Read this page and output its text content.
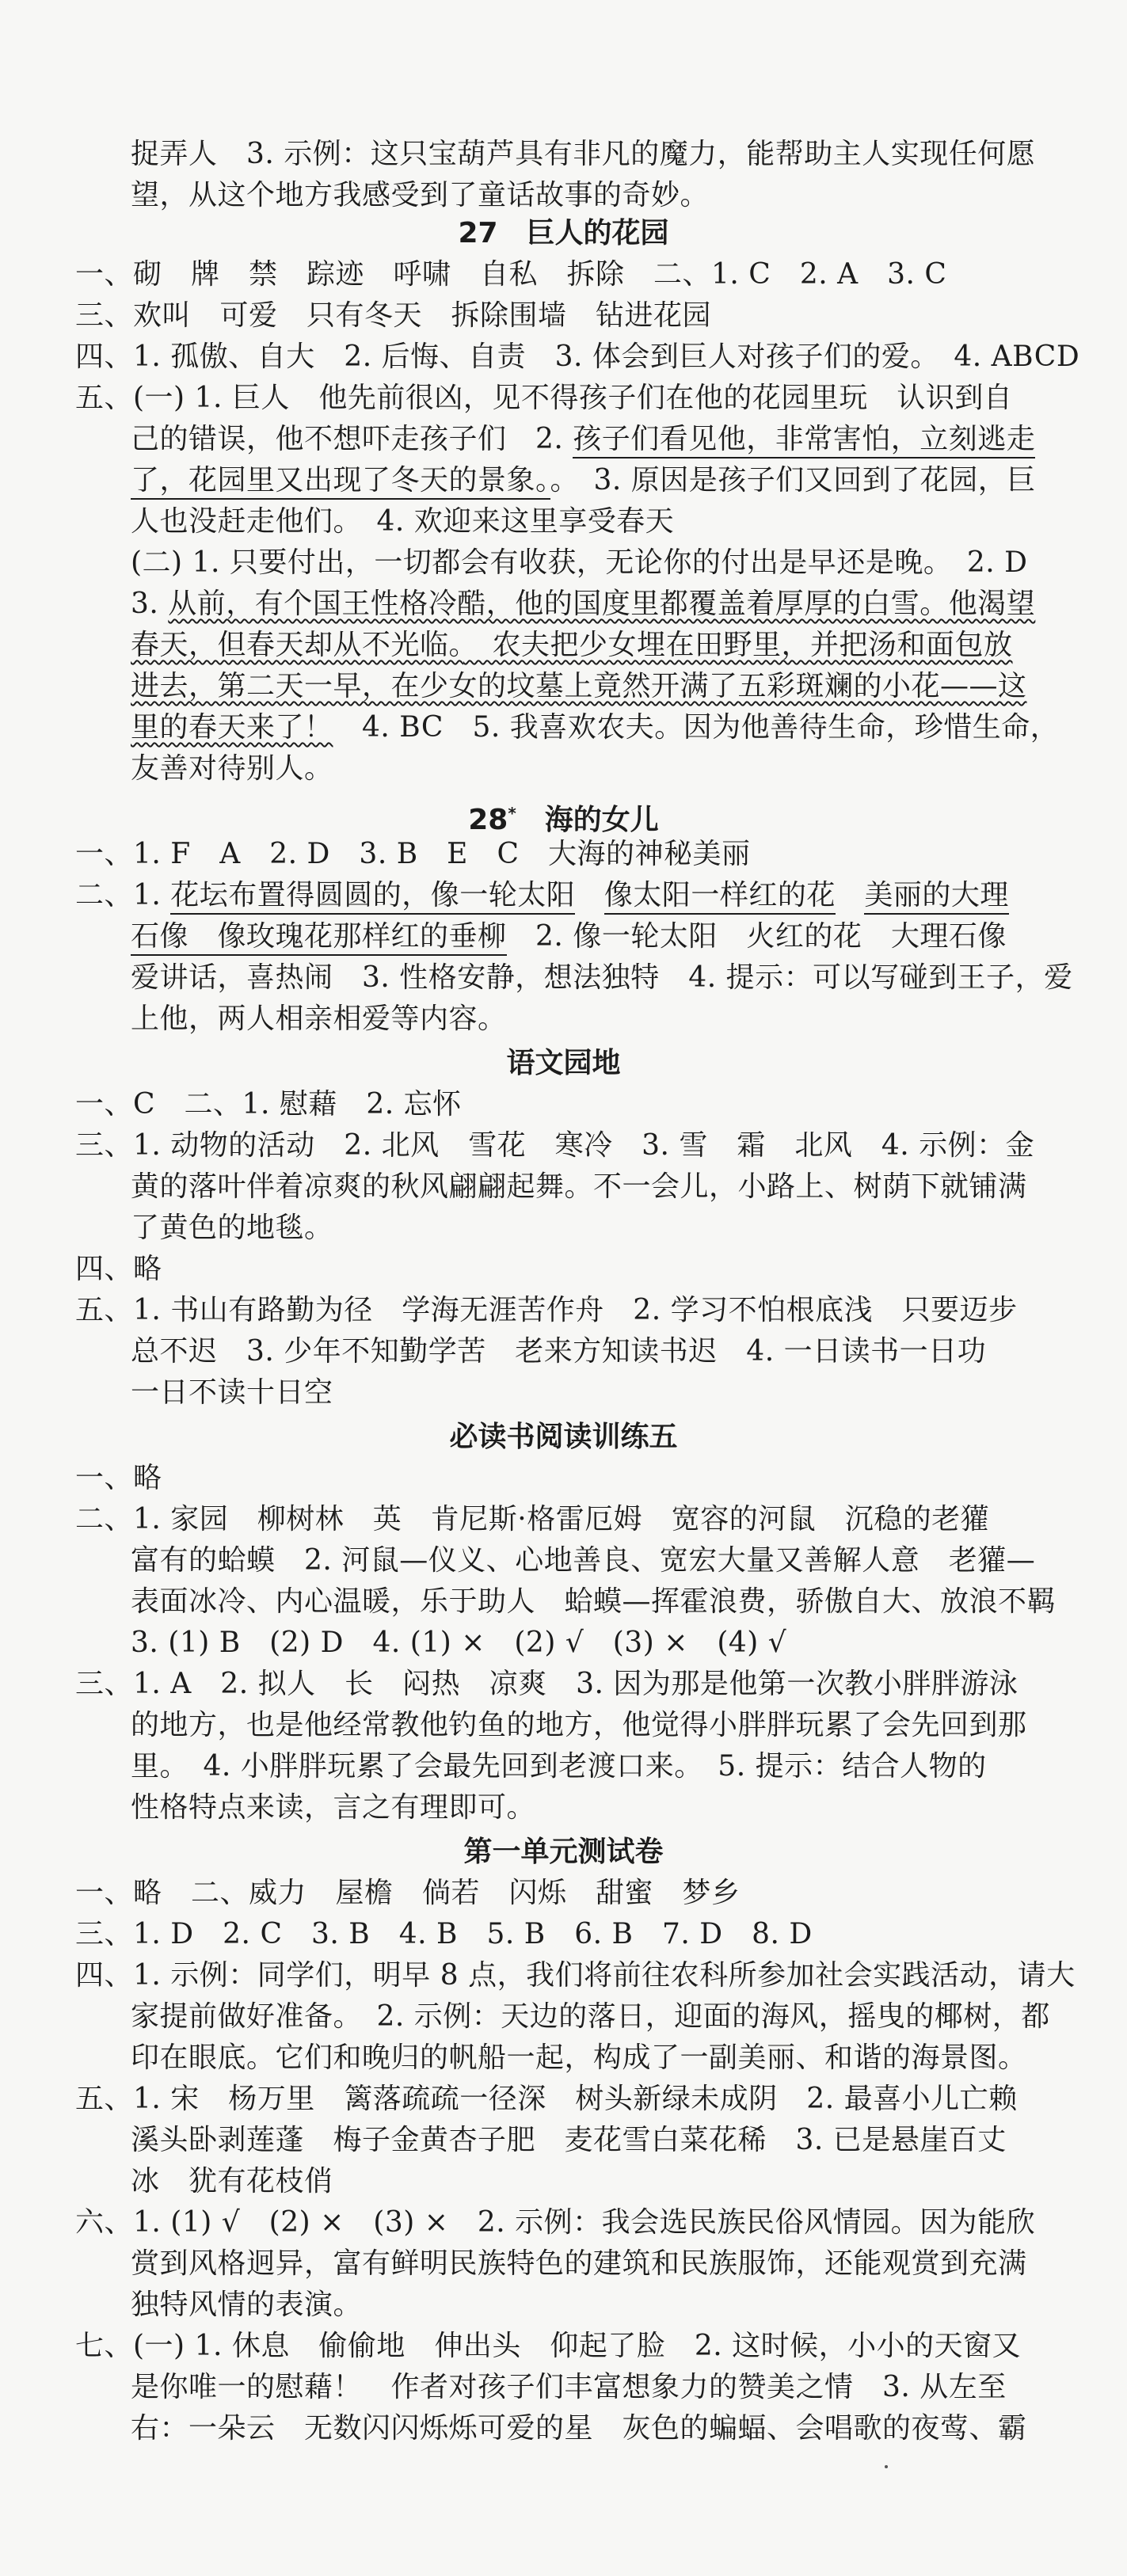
捉弄人　3. 示例：这只宝葫芦具有非凡的魔力，能帮助主人实现任何愿
望，从这个地方我感受到了童话故事的奇妙。
27　巨人的花园
一、砌　牌　禁　踪迹　呼啸　自私　拆除　二、1. C　2. A　3. C
三、欢叫　可爱　只有冬天　拆除围墙　钻进花园
四、1. 孤傲、自大　2. 后悔、自责　3. 体会到巨人对孩子们的爱。　4. ABCD
五、(一) 1. 巨人　他先前很凶，见不得孩子们在他的花园里玩　认识到自
己的错误，他不想吓走孩子们　2. 孩子们看见他，非常害怕，立刻逃走
了，花园里又出现了冬天的景象。。　3. 原因是孩子们又回到了花园，巨
人也没赶走他们。　4. 欢迎来这里享受春天
(二) 1. 只要付出，一切都会有收获，无论你的付出是早还是晚。　2. D
3. 从前，有个国王性格冷酷，他的国度里都覆盖着厚厚的白雪。他渴望
春天，但春天却从不光临。　农夫把少女埋在田野里，并把汤和面包放
进去，第二天一早，在少女的坟墓上竟然开满了五彩斑斓的小花——这
里的春天来了！　4. BC　5. 我喜欢农夫。因为他善待生命，珍惜生命，
友善对待别人。
28*　海的女儿
一、1. F　A　2. D　3. B　E　C　大海的神秘美丽
二、1. 花坛布置得圆圆的，像一轮太阳　 像太阳一样红的花　 美丽的大理
石像　像玫瑰花那样红的垂柳　2. 像一轮太阳　火红的花　大理石像
爱讲话，喜热闹　3. 性格安静，想法独特　4. 提示：可以写碰到王子，爱
上他，两人相亲相爱等内容。
语文园地
一、C　二、1. 慰藉　2. 忘怀
三、1. 动物的活动　2. 北风　雪花　寒冷　3. 雪　霜　北风　4. 示例：金
黄的落叶伴着凉爽的秋风翩翩起舞。不一会儿，小路上、树荫下就铺满
了黄色的地毯。
四、略
五、1. 书山有路勤为径　学海无涯苦作舟　2. 学习不怕根底浅　只要迈步
总不迟　3. 少年不知勤学苦　老来方知读书迟　4. 一日读书一日功
一日不读十日空
必读书阅读训练五
一、略
二、1. 家园　柳树林　英　肯尼斯·格雷厄姆　宽容的河鼠　沉稳的老獾
富有的蛤蟆　2. 河鼠—仪义、心地善良、宽宏大量又善解人意　老獾—
表面冰冷、内心温暖，乐于助人　蛤蟆—挥霍浪费，骄傲自大、放浪不羁
3. (1) B　(2) D　4. (1) ×　(2) √　(3) ×　(4) √
三、1. A　2. 拟人　长　闷热　凉爽　3. 因为那是他第一次教小胖胖游泳
的地方，也是他经常教他钓鱼的地方，他觉得小胖胖玩累了会先回到那
里。　4. 小胖胖玩累了会最先回到老渡口来。　5. 提示：结合人物的
性格特点来读，言之有理即可。
第一单元测试卷
一、略　二、威力　屋檐　倘若　闪烁　甜蜜　梦乡
三、1. D　2. C　3. B　4. B　5. B　6. B　7. D　8. D
四、1. 示例：同学们，明早 8 点，我们将前往农科所参加社会实践活动，请大
家提前做好准备。　2. 示例：天边的落日，迎面的海风，摇曳的椰树，都
印在眼底。它们和晚归的帆船一起，构成了一副美丽、和谐的海景图。
五、1. 宋　杨万里　篱落疏疏一径深　树头新绿未成阴　2. 最喜小儿亡赖
溪头卧剥莲蓬　梅子金黄杏子肥　麦花雪白菜花稀　3. 已是悬崖百丈
冰　犹有花枝俏
六、1. (1) √　(2) ×　(3) ×　2. 示例：我会选民族民俗风情园。因为能欣
赏到风格迥异，富有鲜明民族特色的建筑和民族服饰，还能观赏到充满
独特风情的表演。
七、(一) 1. 休息　偷偷地　伸出头　仰起了脸　2. 这时候，小小的天窗又
是你唯一的慰藉！　作者对孩子们丰富想象力的赞美之情　3. 从左至
右：一朵云　无数闪闪烁烁可爱的星　灰色的蝙蝠、会唱歌的夜莺、霸
